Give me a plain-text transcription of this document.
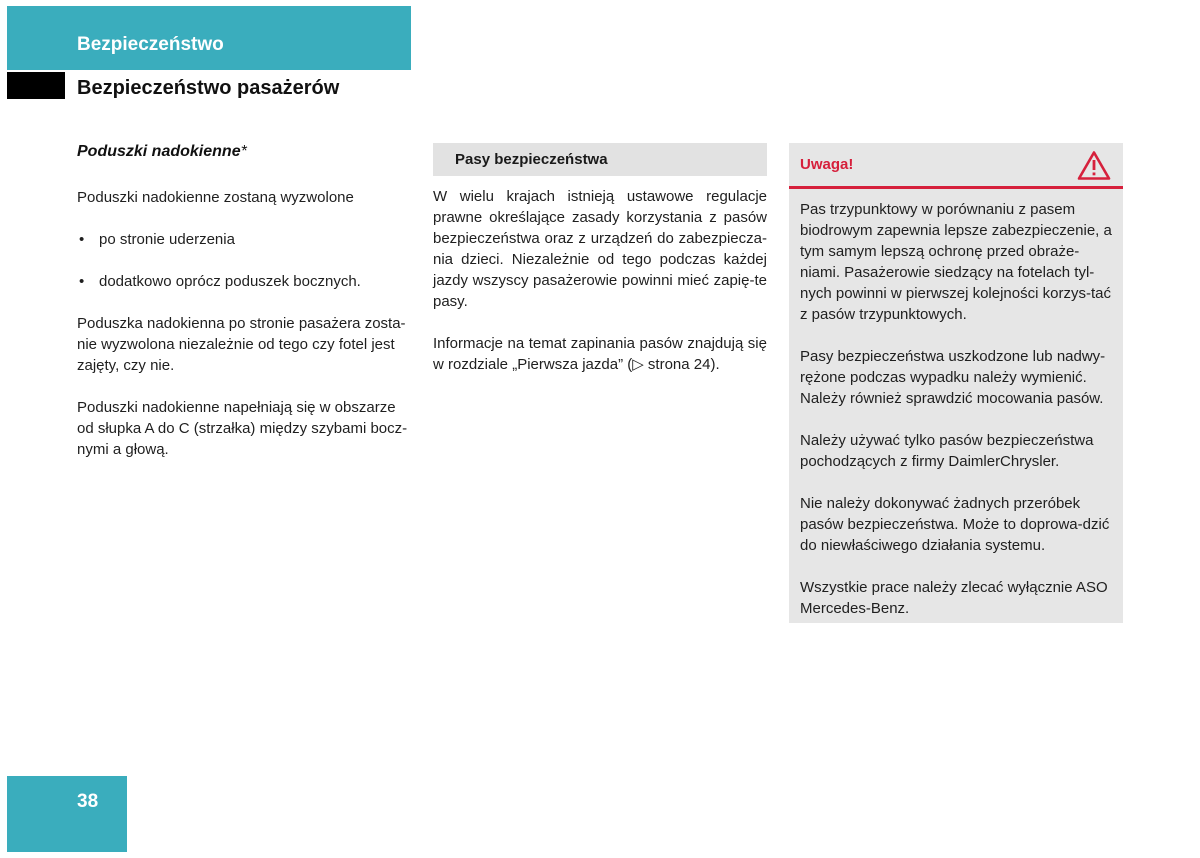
Bezpieczeństwo
Bezpieczeństwo pasażerów
Poduszki nadokienne*

Poduszki nadokienne zostaną wyzwolone

• po stronie uderzenia
• dodatkowo oprócz poduszek bocznych.

Poduszka nadokienna po stronie pasażera zosta-nie wyzwolona niezależnie od tego czy fotel jest zajęty, czy nie.

Poduszki nadokienne napełniają się w obszarze od słupka A do C (strzałka) między szybami bocz-nymi a głową.

Pasy bezpieczeństwa

W wielu krajach istnieją ustawowe regulacje prawne określające zasady korzystania z pasów bezpieczeństwa oraz z urządzeń do zabezpiecza-nia dzieci. Niezależnie od tego podczas każdej jazdy wszyscy pasażerowie powinni mieć zapię-te pasy.

Informacje na temat zapinania pasów znajdują się w rozdziale „Pierwsza jazda” (▷ strona 24).

Uwaga!

Pas trzypunktowy w porównaniu z pasem biodrowym zapewnia lepsze zabezpieczenie, a tym samym lepszą ochronę przed obraże-niami. Pasażerowie siedzący na fotelach tyl-nych powinni w pierwszej kolejności korzys-tać z pasów trzypunktowych.

Pasy bezpieczeństwa uszkodzone lub nadwy-rężone podczas wypadku należy wymienić. Należy również sprawdzić mocowania pasów.

Należy używać tylko pasów bezpieczeństwa pochodzących z firmy DaimlerChrysler.

Nie należy dokonywać żadnych przeróbek pasów bezpieczeństwa. Może to doprowa-dzić do niewłaściwego działania systemu.

Wszystkie prace należy zlecać wyłącznie ASO Mercedes-Benz.

38
